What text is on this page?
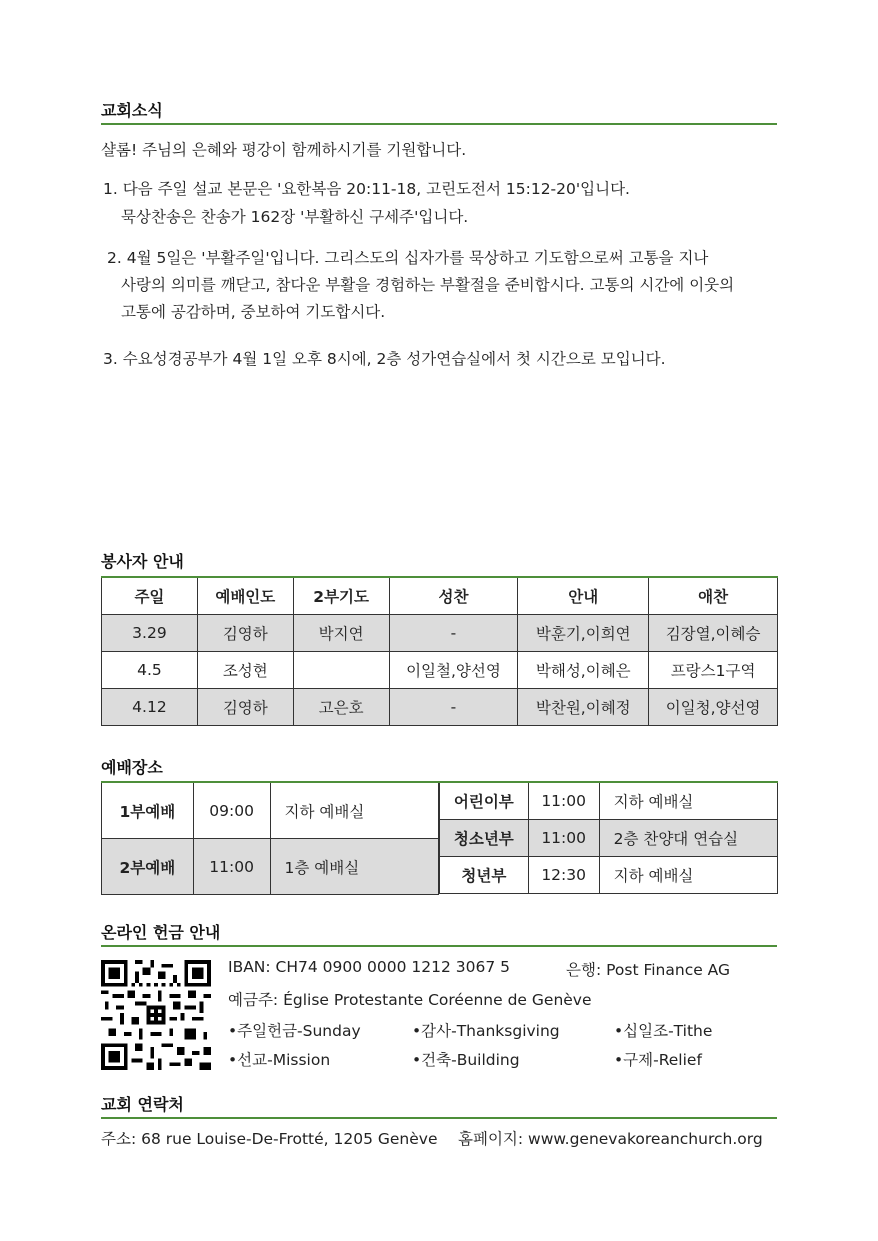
교회소식
샬롬! 주님의 은혜와 평강이 함께하시기를 기원합니다.
1. 다음 주일 설교 본문은 '요한복음 20:11-18, 고린도전서 15:12-20'입니다.
묵상찬송은 찬송가 162장 '부활하신 구세주'입니다.
2. 4월 5일은 '부활주일'입니다. 그리스도의 십자가를 묵상하고 기도함으로써 고통을 지나
사랑의 의미를 깨닫고, 참다운 부활을 경험하는 부활절을 준비합시다. 고통의 시간에 이웃의
고통에 공감하며, 중보하여 기도합시다.
3. 수요성경공부가 4월 1일 오후 8시에, 2층 성가연습실에서 첫 시간으로 모입니다.
봉사자 안내
주일	예배인도	2부기도	성찬	안내	애찬
3.29	김영하	박지연	-	박훈기,이희연	김장열,이혜승
4.5	조성현		이일철,양선영	박해성,이혜은	프랑스1구역
4.12	김영하	고은호	-	박찬원,이혜정	이일청,양선영
예배장소
1부예배	09:00	지하 예배실
2부예배	11:00	1층 예배실
어린이부	11:00	지하 예배실
청소년부	11:00	2층 찬양대 연습실
청년부	12:30	지하 예배실
온라인 헌금 안내
IBAN: CH74 0900 0000 1212 3067 5	은행: Post Finance AG
예금주: Église Protestante Coréenne de Genève
•주일헌금-Sunday	•감사-Thanksgiving	•십일조-Tithe
•선교-Mission	•건축-Building	•구제-Relief
교회 연락처
주소: 68 rue Louise-De-Frotté, 1205 Genève 홈페이지: www.genevakoreanchurch.org
